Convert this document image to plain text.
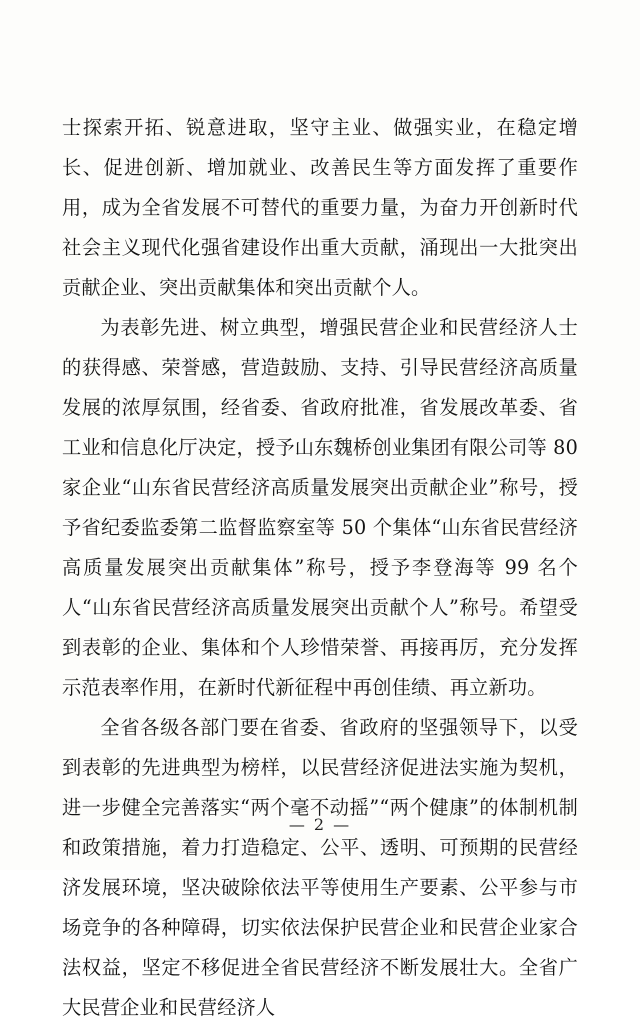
士探索开拓、锐意进取，坚守主业、做强实业，在稳定增长、促进创新、增加就业、改善民生等方面发挥了重要作用，成为全省发展不可替代的重要力量，为奋力开创新时代社会主义现代化强省建设作出重大贡献，涌现出一大批突出贡献企业、突出贡献集体和突出贡献个人。

为表彰先进、树立典型，增强民营企业和民营经济人士的获得感、荣誉感，营造鼓励、支持、引导民营经济高质量发展的浓厚氛围，经省委、省政府批准，省发展改革委、省工业和信息化厅决定，授予山东魏桥创业集团有限公司等 80 家企业“山东省民营经济高质量发展突出贡献企业”称号，授予省纪委监委第二监督监察室等 50 个集体“山东省民营经济高质量发展突出贡献集体”称号，授予李登海等 99 名个人“山东省民营经济高质量发展突出贡献个人”称号。希望受到表彰的企业、集体和个人珍惜荣誉、再接再厉，充分发挥示范表率作用，在新时代新征程中再创佳绩、再立新功。

全省各级各部门要在省委、省政府的坚强领导下，以受到表彰的先进典型为榜样，以民营经济促进法实施为契机，进一步健全完善落实“两个毫不动摇”“两个健康”的体制机制和政策措施，着力打造稳定、公平、透明、可预期的民营经济发展环境，坚决破除依法平等使用生产要素、公平参与市场竞争的各种障碍，切实依法保护民营企业和民营企业家合法权益，坚定不移促进全省民营经济不断发展壮大。全省广大民营企业和民营经济人

— 2 —
